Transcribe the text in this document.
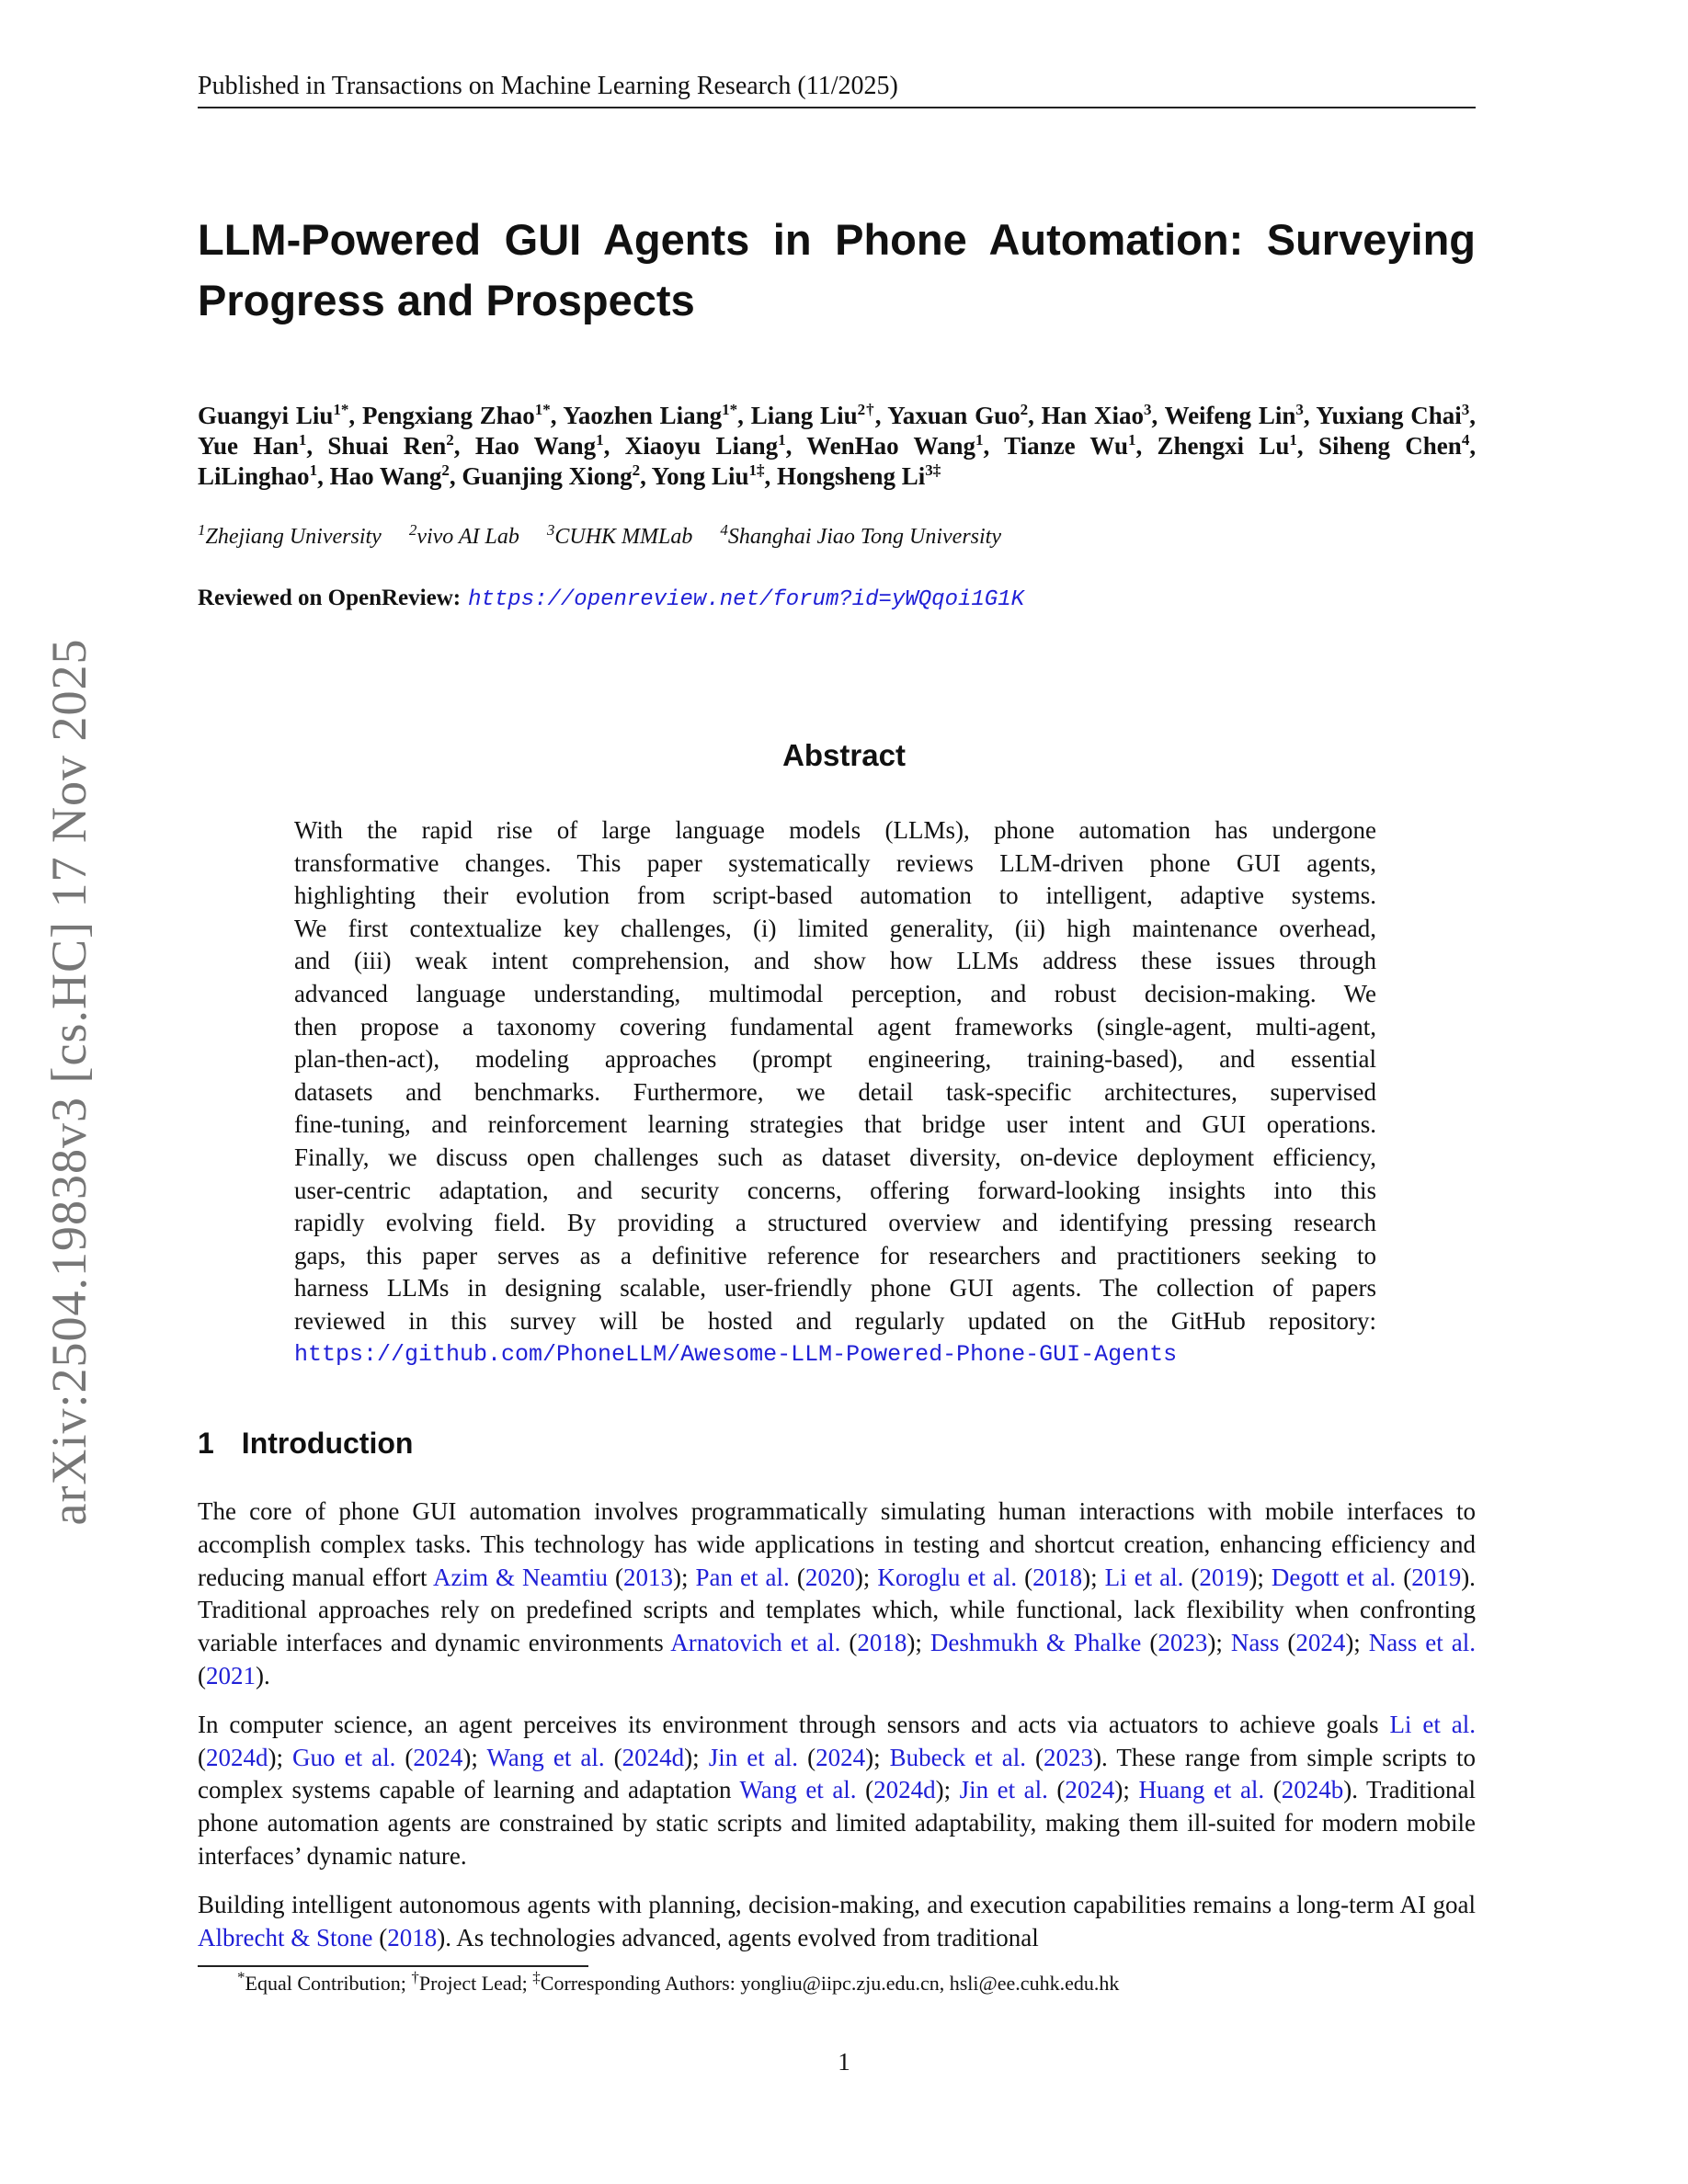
Published in Transactions on Machine Learning Research (11/2025)
arXiv:2504.19838v3 [cs.HC] 17 Nov 2025
LLM-Powered GUI Agents in Phone Automation: Surveying Progress and Prospects
Guangyi Liu$^{1*}$, Pengxiang Zhao$^{1*}$, Yaozhen Liang$^{1*}$, Liang Liu$^{2\dagger}$, Yaxuan Guo$^2$, Han Xiao$^3$, Weifeng Lin$^3$, Yuxiang Chai$^3$, Yue Han$^1$, Shuai Ren$^2$, Hao Wang$^1$, Xiaoyu Liang$^1$, WenHao Wang$^1$, Tianze Wu$^1$, Zhengxi Lu$^1$, Siheng Chen$^4$, LiLinghao$^1$, Hao Wang$^2$, Guanjing Xiong$^2$, Yong Liu$^{1\ddagger}$, Hongsheng $Li^{3\ddagger}$
$^1$Zhejiang University $^2$vivo AI Lab $^3$CUHK MMLab $^4$Shanghai Jiao Tong University
Reviewed on OpenReview: https://openreview.net/forum?id=yWQqoi1G1K
Abstract
With the rapid rise of large language models (LLMs), phone automation has undergone
transformative changes. This paper systematically reviews LLM-driven phone GUI agents,
highlighting their evolution from script-based automation to intelligent, adaptive systems.
We first contextualize key challenges, (i) limited generality, (ii) high maintenance overhead,
and (iii) weak intent comprehension, and show how LLMs address these issues through
advanced language understanding, multimodal perception, and robust decision-making. We
then propose a taxonomy covering fundamental agent frameworks (single-agent, multi-agent,
plan-then-act), modeling approaches (prompt engineering, training-based), and essential
datasets and benchmarks. Furthermore, we detail task-specific architectures, supervised
fine-tuning, and reinforcement learning strategies that bridge user intent and GUI operations.
Finally, we discuss open challenges such as dataset diversity, on-device deployment efficiency,
user-centric adaptation, and security concerns, offering forward-looking insights into this
rapidly evolving field. By providing a structured overview and identifying pressing research
gaps, this paper serves as a definitive reference for researchers and practitioners seeking to
harness LLMs in designing scalable, user-friendly phone GUI agents. The collection of papers
reviewed in this survey will be hosted and regularly updated on the GitHub repository:
https://github.com/PhoneLLM/Awesome-LLM-Powered-Phone-GUI-Agents
1 Introduction

The core of phone GUI automation involves programmatically simulating human interactions with mobile interfaces to accomplish complex tasks. This technology has wide applications in testing and shortcut creation, enhancing efficiency and reducing manual effort Azim & Neamtiu (2013); Pan et al. (2020); Koroglu et al. (2018); Li et al. (2019); Degott et al. (2019). Traditional approaches rely on predefined scripts and templates which, while functional, lack flexibility when confronting variable interfaces and dynamic environments Arnatovich et al. (2018); Deshmukh & Phalke (2023); Nass (2024); Nass et al. (2021).

In computer science, an agent perceives its environment through sensors and acts via actuators to achieve goals Li et al. (2024d); Guo et al. (2024); Wang et al. (2024d); Jin et al. (2024); Bubeck et al. (2023). These range from simple scripts to complex systems capable of learning and adaptation Wang et al. (2024d); Jin et al. (2024); Huang et al. (2024b). Traditional phone automation agents are constrained by static scripts and limited adaptability, making them ill-suited for modern mobile interfaces’ dynamic nature.

Building intelligent autonomous agents with planning, decision-making, and execution capabilities remains a long-term AI goal Albrecht & Stone (2018). As technologies advanced, agents evolved from traditional

*Equal Contribution; †Project Lead; ‡Corresponding Authors: yongliu@iipc.zju.edu.cn, hsli@ee.cuhk.edu.hk
1
